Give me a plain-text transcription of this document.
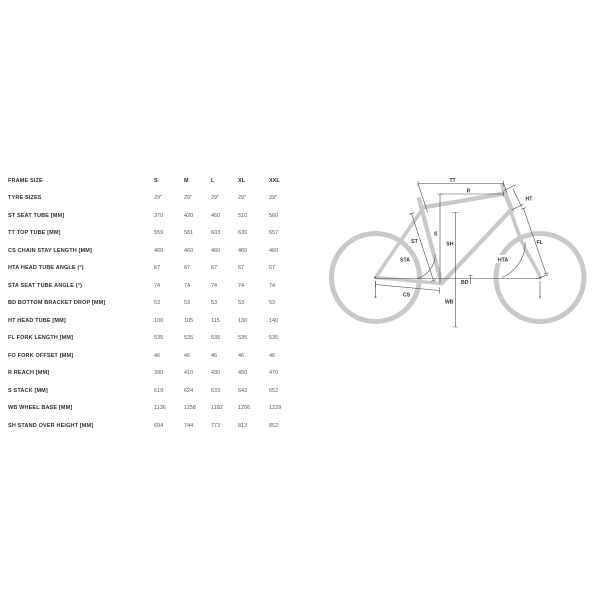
FRAME SIZE	S	M	L	XL	XXL
TYRE SIZES	29"	29"	29"	29"	29"
ST SEAT TUBE [MM]	370	420	460	510	560
TT TOP TUBE [MM]	559	581	603	630	657
CS CHAIN STAY LENGTH [MM]	460	460	460	460	460
HTA HEAD TUBE ANGLE (°)	67	67	67	67	67
STA SEAT TUBE ANGLE (°)	74	74	74	74	74
BD BOTTOM BRACKET DROP [MM]	53	53	53	53	53
HT HEAD TUBE [MM]	100	105	115	130	140
FL FORK LENGTH [MM]	535	535	535	535	535
FO FORK OFFSET [MM]	46	46	46	46	46
R REACH [MM]	390	410	430	450	470
S STACK [MM]	619	624	633	643	652
WB WHEEL BASE [MM]	1136	1158	1182	1206	1229
SH STAND OVER HEIGHT [MM]	694	744	773	813	852
TT
R
HT
S
SH
ST
STA	HTA
FL
BD
CS
WB
